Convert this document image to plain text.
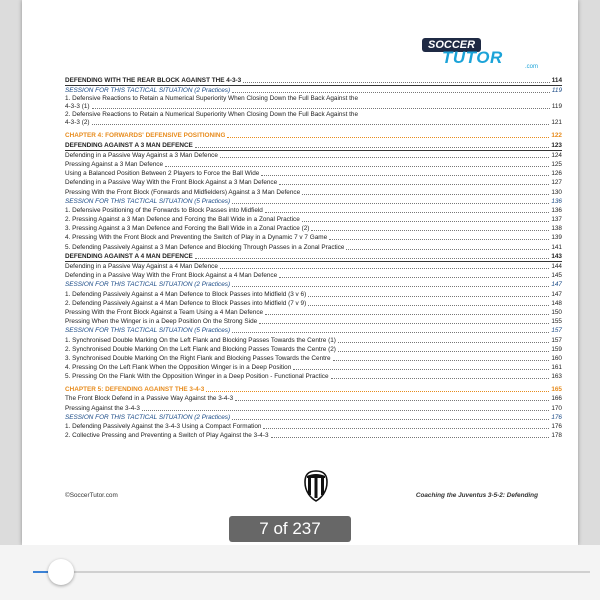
SOCCER
TUTOR	.com
DEFENDING WITH THE REAR BLOCK AGAINST THE 4-3-3	114
SESSION FOR THIS TACTICAL SITUATION (2 Practices)	119
1. Defensive Reactions to Retain a Numerical Superiority When Closing Down the Full Back Against the
4-3-3 (1)	119
2. Defensive Reactions to Retain a Numerical Superiority When Closing Down the Full Back Against the
4-3-3 (2)	121
CHAPTER 4: FORWARDS' DEFENSIVE POSITIONING	122
DEFENDING AGAINST A 3 MAN DEFENCE	123
Defending in a Passive Way Against a 3 Man Defence	124
Pressing Against a 3 Man Defence	125
Using a Balanced Position Between 2 Players to Force the Ball Wide	126
Defending in a Passive Way With the Front Block Against a 3 Man Defence	127
Pressing With the Front Block (Forwards and Midfielders) Against a 3 Man Defence	130
SESSION FOR THIS TACTICAL SITUATION (5 Practices)	136
1. Defensive Positioning of the Forwards to Block Passes into Midfield	136
2. Pressing Against a 3 Man Defence and Forcing the Ball Wide in a Zonal Practice	137
3. Pressing Against a 3 Man Defence and Forcing the Ball Wide in a Zonal Practice (2)	138
4. Pressing With the Front Block and Preventing the Switch of Play in a Dynamic 7 v 7 Game	139
5. Defending Passively Against a 3 Man Defence and Blocking Through Passes in a Zonal Practice	141
DEFENDING AGAINST A 4 MAN DEFENCE	143
Defending in a Passive Way Against a 4 Man Defence	144
Defending in a Passive Way With the Front Block Against a 4 Man Defence	145
SESSION FOR THIS TACTICAL SITUATION (2 Practices)	147
1. Defending Passively Against a 4 Man Defence to Block Passes into Midfield (3 v 6)	147
2. Defending Passively Against a 4 Man Defence to Block Passes into Midfield (7 v 9)	148
Pressing With the Front Block Against a Team Using a 4 Man Defence	150
Pressing When the Winger is in a Deep Position On the Strong Side	155
SESSION FOR THIS TACTICAL SITUATION (5 Practices)	157
1. Synchronised Double Marking On the Left Flank and Blocking Passes Towards the Centre (1)	157
2. Synchronised Double Marking On the Left Flank and Blocking Passes Towards the Centre (2)	159
3. Synchronised Double Marking On the Right Flank and Blocking Passes Towards the Centre	160
4. Pressing On the Left Flank When the Opposition Winger is in a Deep Position	161
5. Pressing On the Flank With the Opposition Winger in a Deep Position - Functional Practice	163
CHAPTER 5: DEFENDING AGAINST THE 3-4-3	165
The Front Block Defend in a Passive Way Against the 3-4-3	166
Pressing Against the 3-4-3	170
SESSION FOR THIS TACTICAL SITUATION (2 Practices)	176
1. Defending Passively Against the 3-4-3 Using a Compact Formation	176
2. Collective Pressing and Preventing a Switch of Play Against the 3-4-3	178
©SoccerTutor.com	Coaching the Juventus 3-5-2: Defending
7 of 237
